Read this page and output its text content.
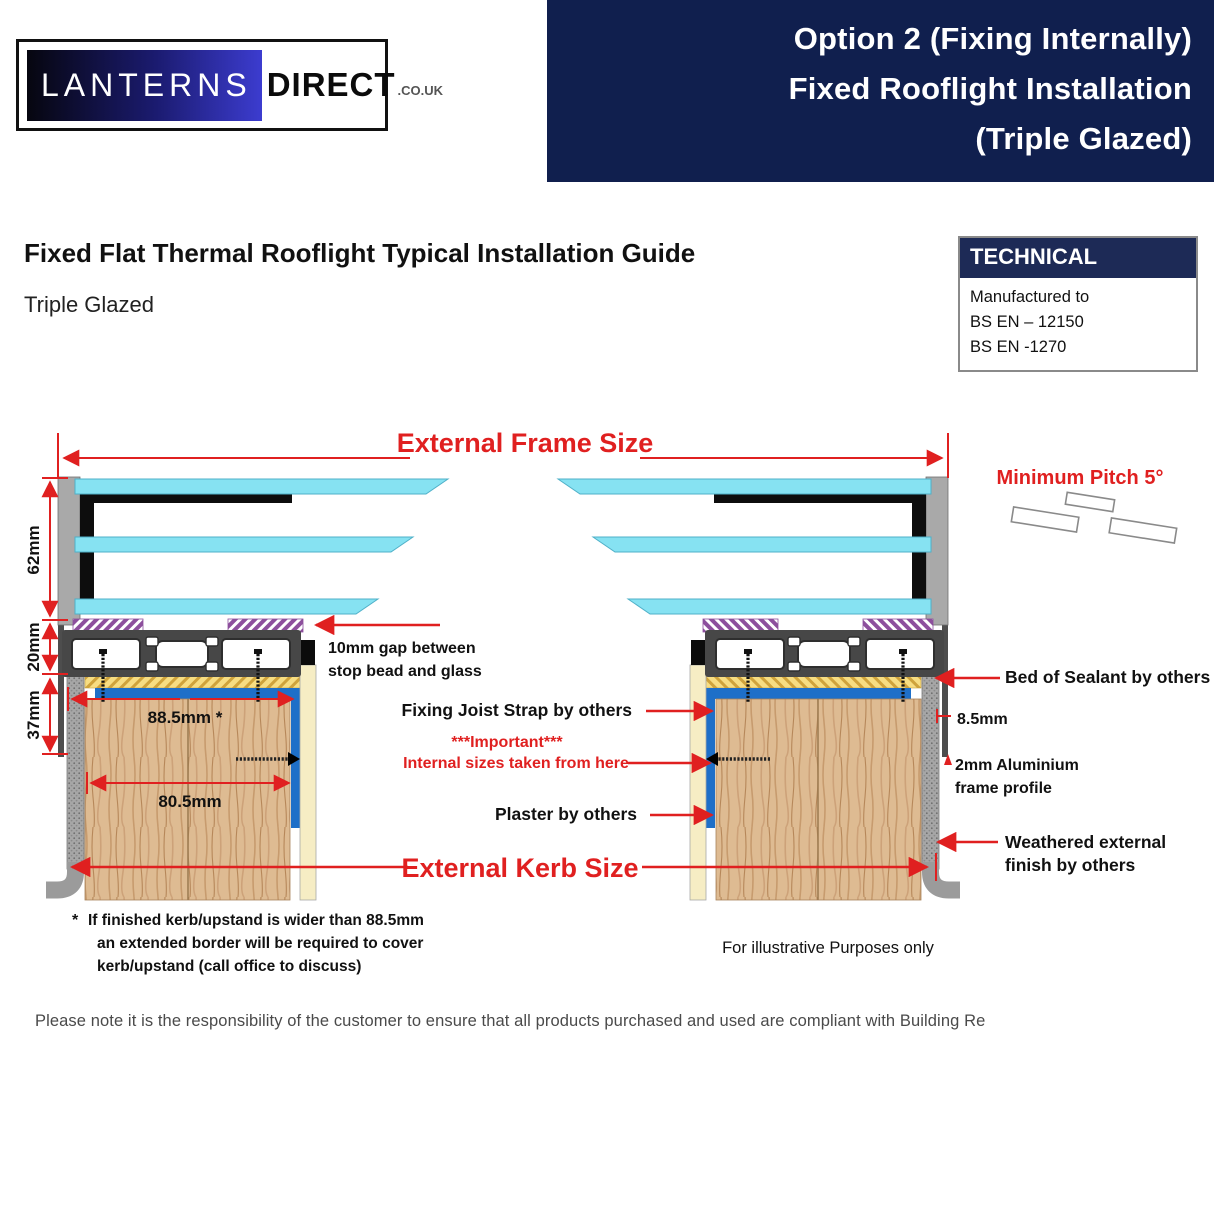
LANTERNS DIRECT .CO.UK
Option 2 (Fixing Internally)
Fixed Rooflight Installation
(Triple Glazed)
Fixed Flat Thermal Rooflight Typical Installation Guide
Triple Glazed
TECHNICAL
Manufactured to
BS EN – 12150
BS EN -1270
External Frame Size
62mm
20mm
37mm	88.5mm *
80.5mm
External Kerb Size
10mm gap between
stop bead and glass
Fixing Joist Strap by others
***Important***
Internal sizes taken from here
Plaster by others
Bed of Sealant by others
8.5mm
2mm Aluminium
frame profile
Weathered external
finish by others
Minimum Pitch 5°
* If finished kerb/upstand is wider than 88.5mm
an extended border will be required to cover
kerb/upstand (call office to discuss)
For illustrative Purposes only
Please note it is the responsibility of the customer to ensure that all products purchased and used are compliant with Building Re
